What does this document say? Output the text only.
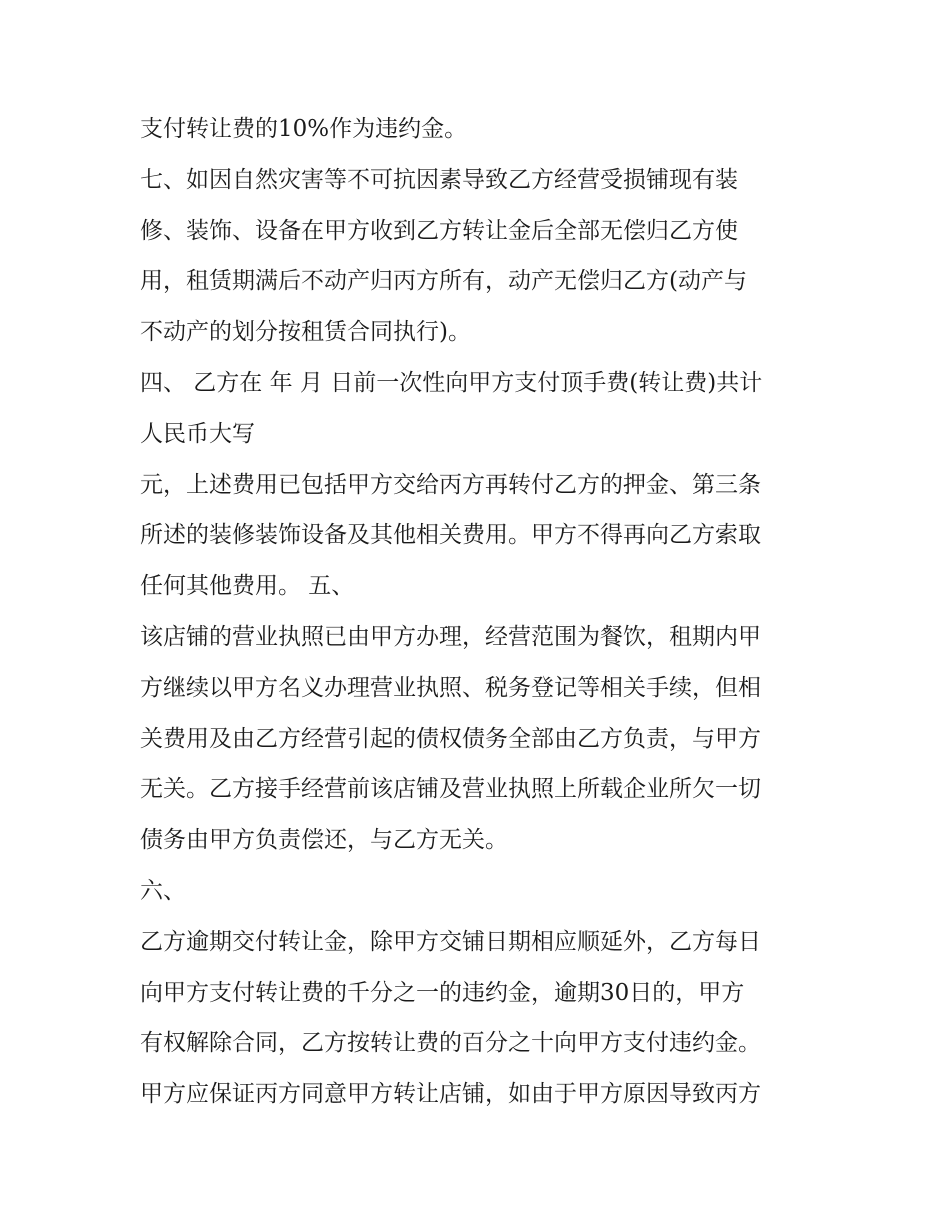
支付转让费的10%作为违约金。
七、如因自然灾害等不可抗因素导致乙方经营受损铺现有装
修、装饰、设备在甲方收到乙方转让金后全部无偿归乙方使
用，租赁期满后不动产归丙方所有，动产无偿归乙方(动产与
不动产的划分按租赁合同执行)。
四、 乙方在 年 月 日前一次性向甲方支付顶手费(转让费)共计
人民币大写
元，上述费用已包括甲方交给丙方再转付乙方的押金、第三条
所述的装修装饰设备及其他相关费用。甲方不得再向乙方索取
任何其他费用。 五、
该店铺的营业执照已由甲方办理，经营范围为餐饮，租期内甲
方继续以甲方名义办理营业执照、税务登记等相关手续，但相
关费用及由乙方经营引起的债权债务全部由乙方负责，与甲方
无关。乙方接手经营前该店铺及营业执照上所载企业所欠一切
债务由甲方负责偿还，与乙方无关。
六、
乙方逾期交付转让金，除甲方交铺日期相应顺延外，乙方每日
向甲方支付转让费的千分之一的违约金，逾期30日的，甲方
有权解除合同，乙方按转让费的百分之十向甲方支付违约金。
甲方应保证丙方同意甲方转让店铺，如由于甲方原因导致丙方
